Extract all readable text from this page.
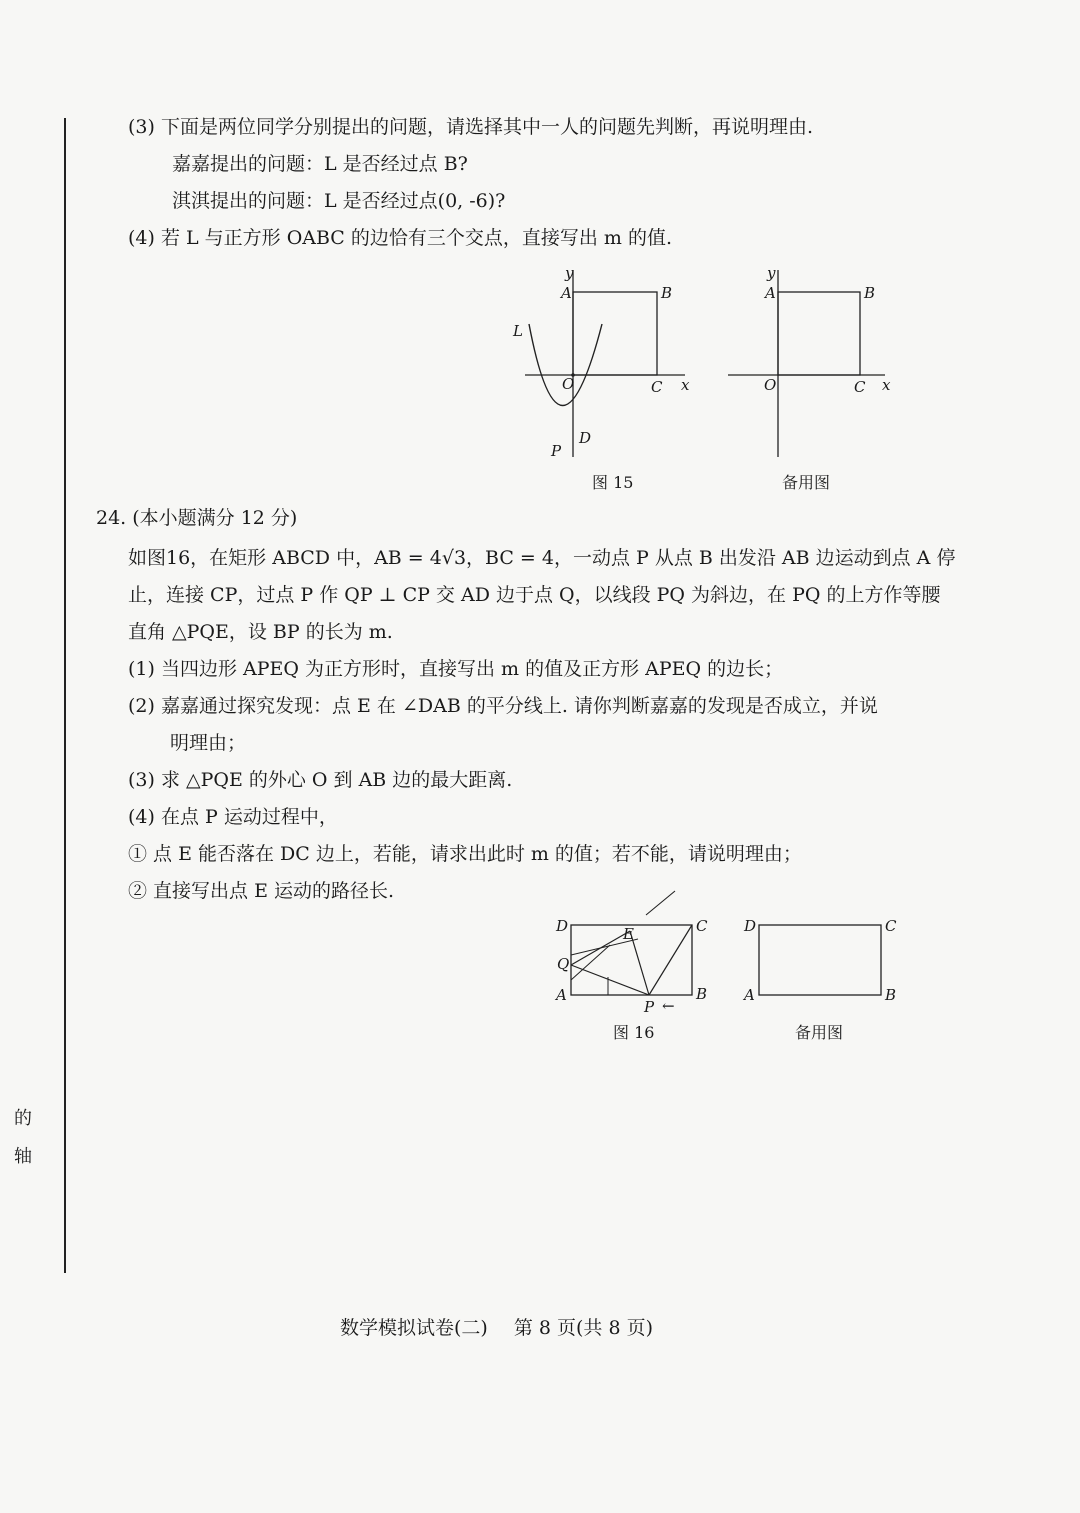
的
轴
(3) 下面是两位同学分别提出的问题，请选择其中一人的问题先判断，再说明理由.
嘉嘉提出的问题：L 是否经过点 B?
淇淇提出的问题：L 是否经过点(0, -6)?
(4) 若 L 与正方形 OABC 的边恰有三个交点，直接写出 m 的值.
y
x
A	B
O	C
L
P
D
图 15
y
x
A	B
O	C
备用图
24. (本小题满分 12 分)
如图16，在矩形 ABCD 中，AB = 4√3，BC = 4，一动点 P 从点 B 出发沿 AB 边运动到点 A 停
止，连接 CP，过点 P 作 QP ⊥ CP 交 AD 边于点 Q，以线段 PQ 为斜边，在 PQ 的上方作等腰
直角 △PQE，设 BP 的长为 m.
(1) 当四边形 APEQ 为正方形时，直接写出 m 的值及正方形 APEQ 的边长；
(2) 嘉嘉通过探究发现：点 E 在 ∠DAB 的平分线上. 请你判断嘉嘉的发现是否成立，并说
明理由；
(3) 求 △PQE 的外心 O 到 AB 边的最大距离.
(4) 在点 P 运动过程中，
① 点 E 能否落在 DC 边上，若能，请求出此时 m 的值；若不能，请说明理由；
② 直接写出点 E 运动的路径长.
D	C
E
Q
A
P ←
B
图 16
D	C
A	B
备用图
数学模拟试卷(二) 第 8 页(共 8 页)
